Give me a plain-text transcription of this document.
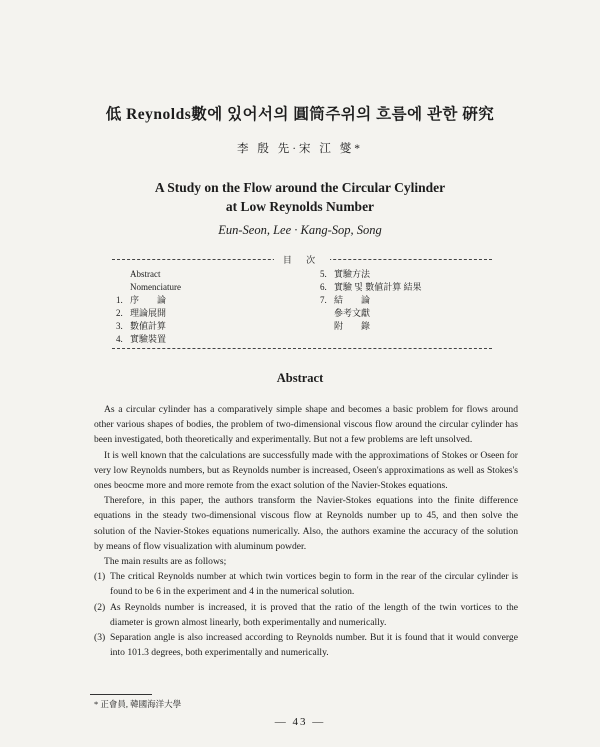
低 Reynolds數에 있어서의 圓筒주위의 흐름에 관한 硏究
李 殷 先·宋 江 燮*
A Study on the Flow around the Circular Cylinder
at Low Reynolds Number
Eun-Seon, Lee · Kang-Sop, Song
目 次
Abstract
Nomenciature
1. 序　　論
2. 理論展開
3. 數値計算
4. 實驗裝置
5. 實驗方法
6. 實驗 및 數値計算 結果
7. 結　　論
參考文獻
附　　錄
Abstract

As a circular cylinder has a comparatively simple shape and becomes a basic problem for flows around other various shapes of bodies, the problem of two-dimensional viscous flow around the circular cylinder has been investigated, both theoretically and experimentally. But not a few problems are left unsolved.

It is well known that the calculations are successfully made with the approximations of Stokes or Oseen for very low Reynolds numbers, but as Reynolds number is increased, Oseen's approximations as well as Stokes's ones beocme more and more remote from the exact solution of the Navier-Stokes equations.

Therefore, in this paper, the authors transform the Navier-Stokes equations into the finite difference equations in the steady two-dimensional viscous flow at Reynolds number up to 45, and then solve the solution of the Navier-Stokes equations numerically. Also, the authors examine the accuracy of the solution by means of flow visualization with aluminum powder.

The main results are as follows;

(1) The critical Reynolds number at which twin vortices begin to form in the rear of the circular cylinder is found to be 6 in the experiment and 4 in the numerical solution.
(2) As Reynolds number is increased, it is proved that the ratio of the length of the twin vortices to the diameter is grown almost linearly, both experimentally and numerically.
(3) Separation angle is also increased according to Reynolds number. But it is found that it would converge into 101.3 degrees, both experimentally and numerically.
* 正會員, 韓國海洋大學
— 43 —
